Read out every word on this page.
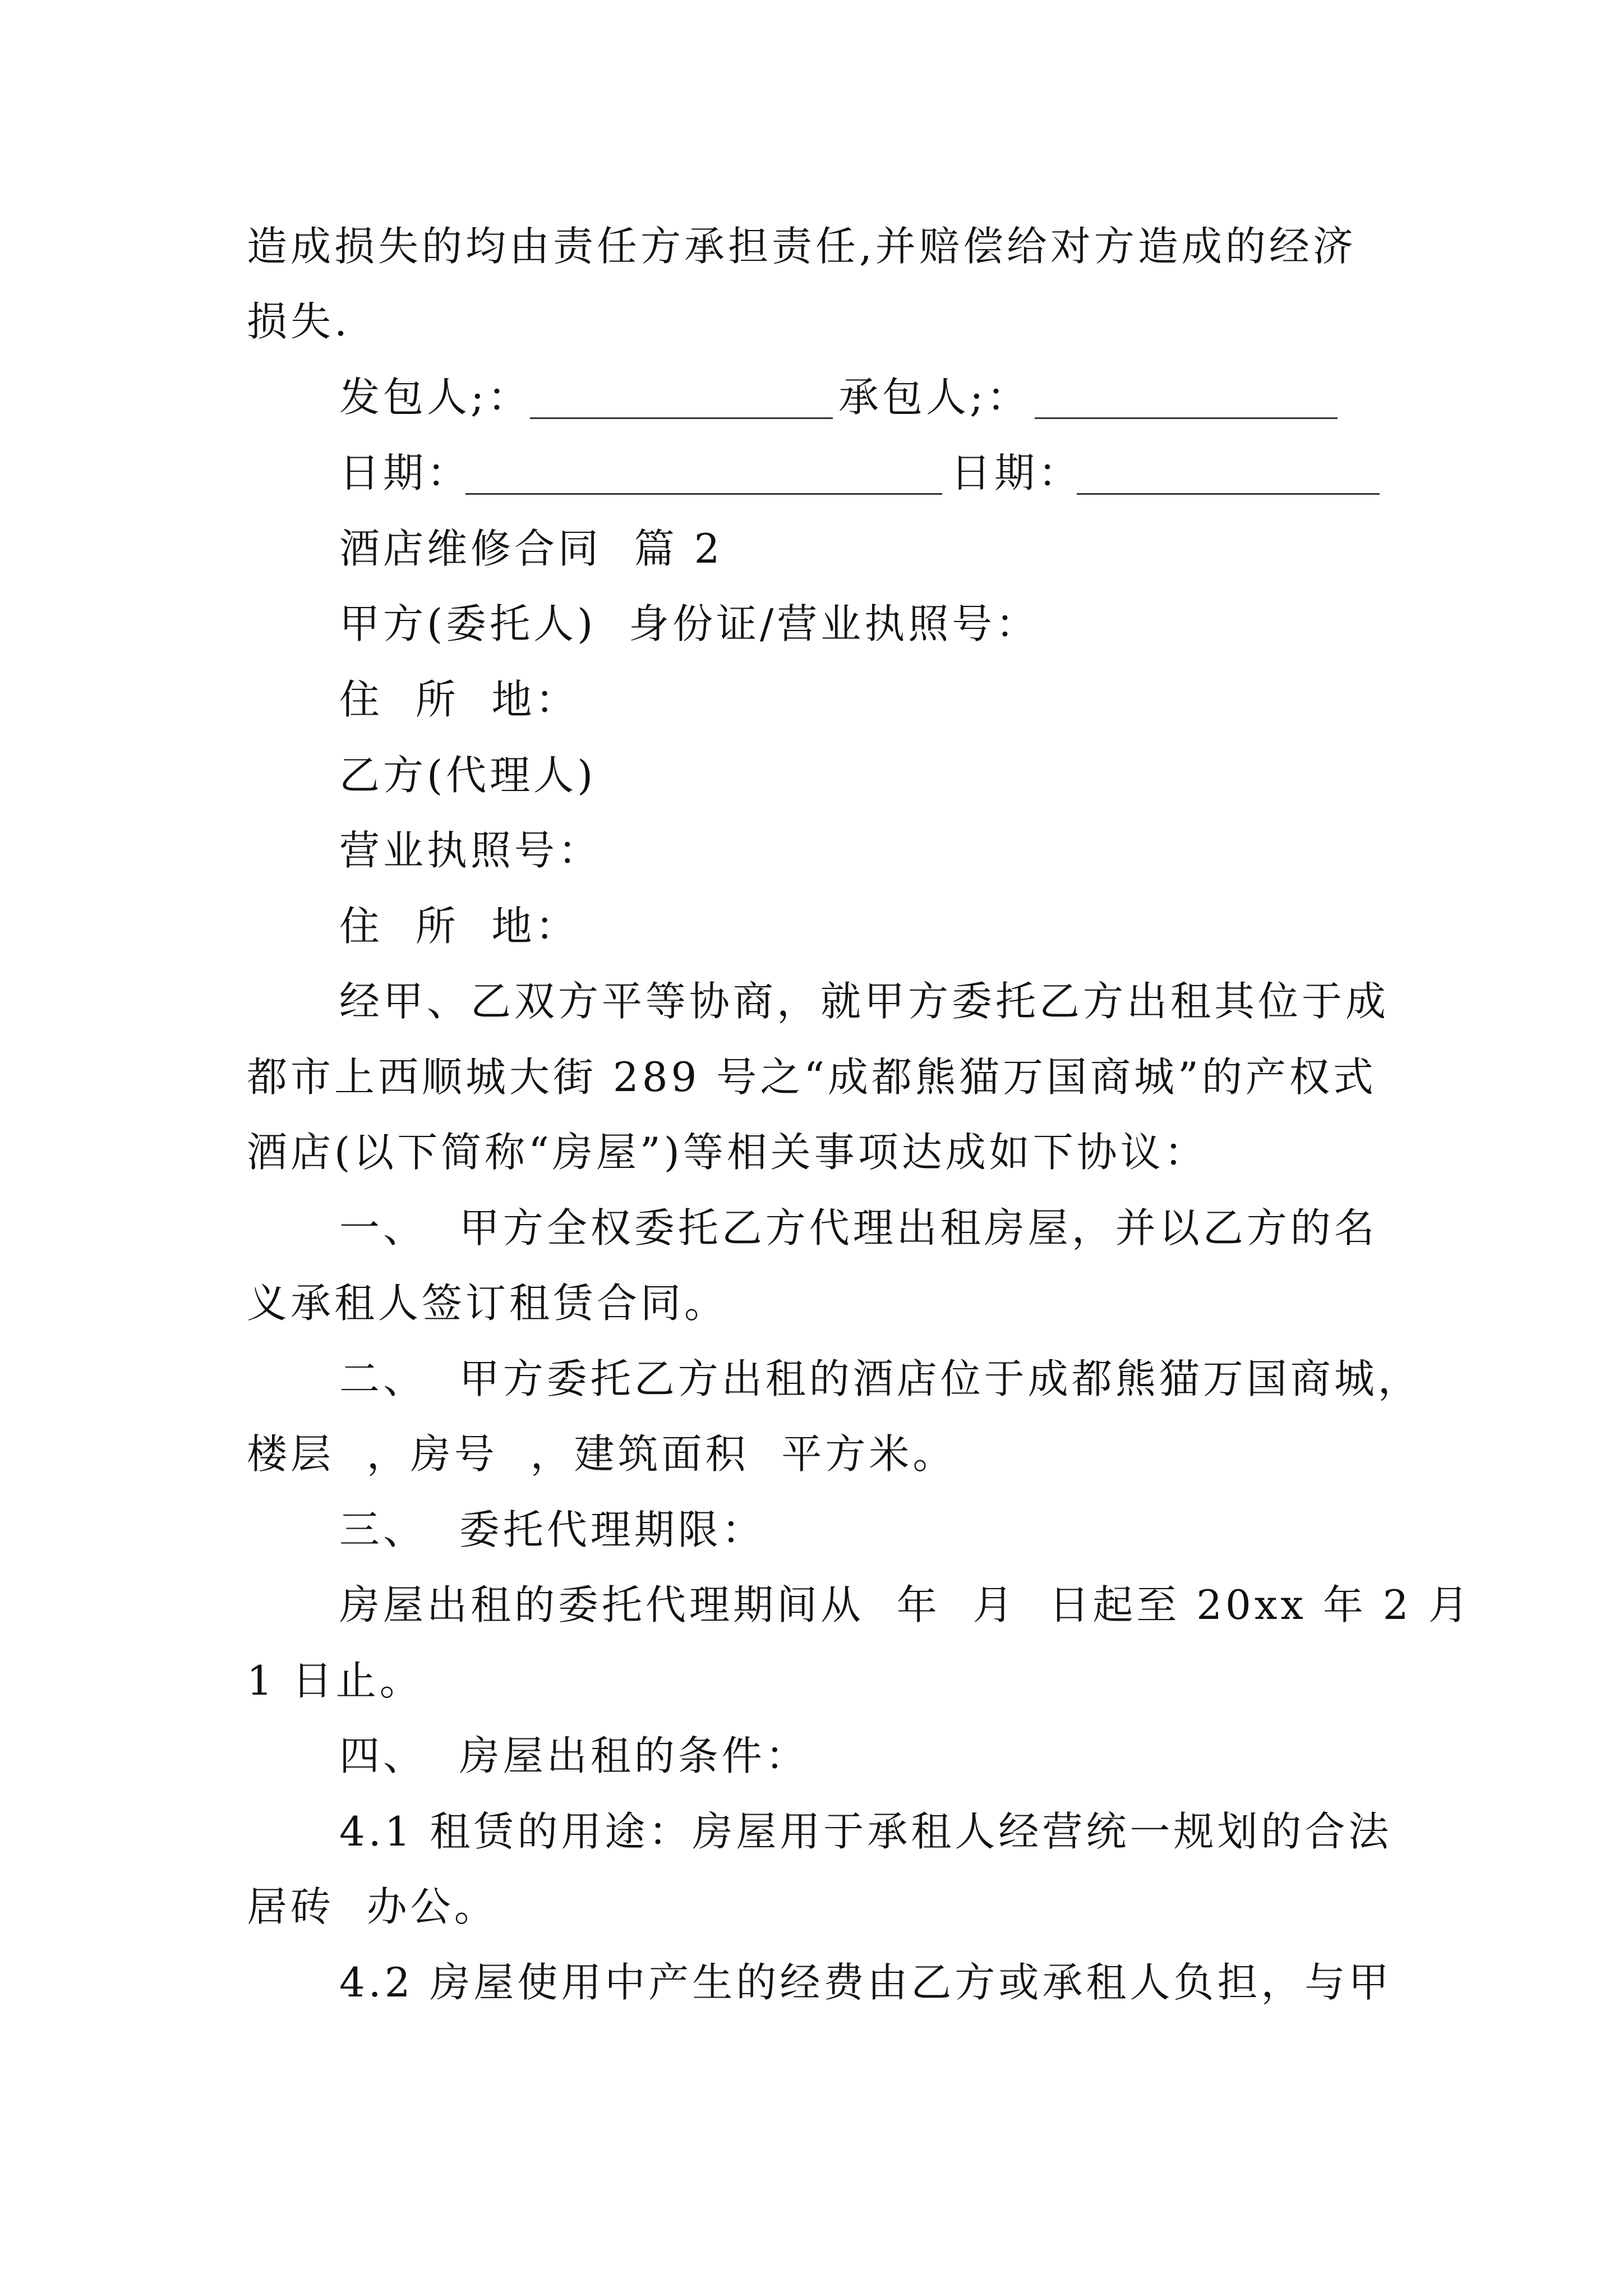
造成损失的均由责任方承担责任,并赔偿给对方造成的经济
损失.
发包人;：	承包人;：
日期：	日期：
酒店维修合同  篇 2
甲方(委托人)  身份证/营业执照号：
住  所  地：
乙方(代理人)
营业执照号：
住  所  地：
经甲、乙双方平等协商，就甲方委托乙方出租其位于成
都市上西顺城大街 289 号之“成都熊猫万国商城”的产权式
酒店(以下简称“房屋”)等相关事项达成如下协议：
一、  甲方全权委托乙方代理出租房屋，并以乙方的名
义承租人签订租赁合同。
二、  甲方委托乙方出租的酒店位于成都熊猫万国商城，
楼层  ，房号  ，建筑面积  平方米。
三、  委托代理期限：
房屋出租的委托代理期间从  年  月  日起至 20xx 年 2 月
1 日止。
四、  房屋出租的条件：
4.1 租赁的用途：房屋用于承租人经营统一规划的合法
居砖  办公。
4.2 房屋使用中产生的经费由乙方或承租人负担，与甲
